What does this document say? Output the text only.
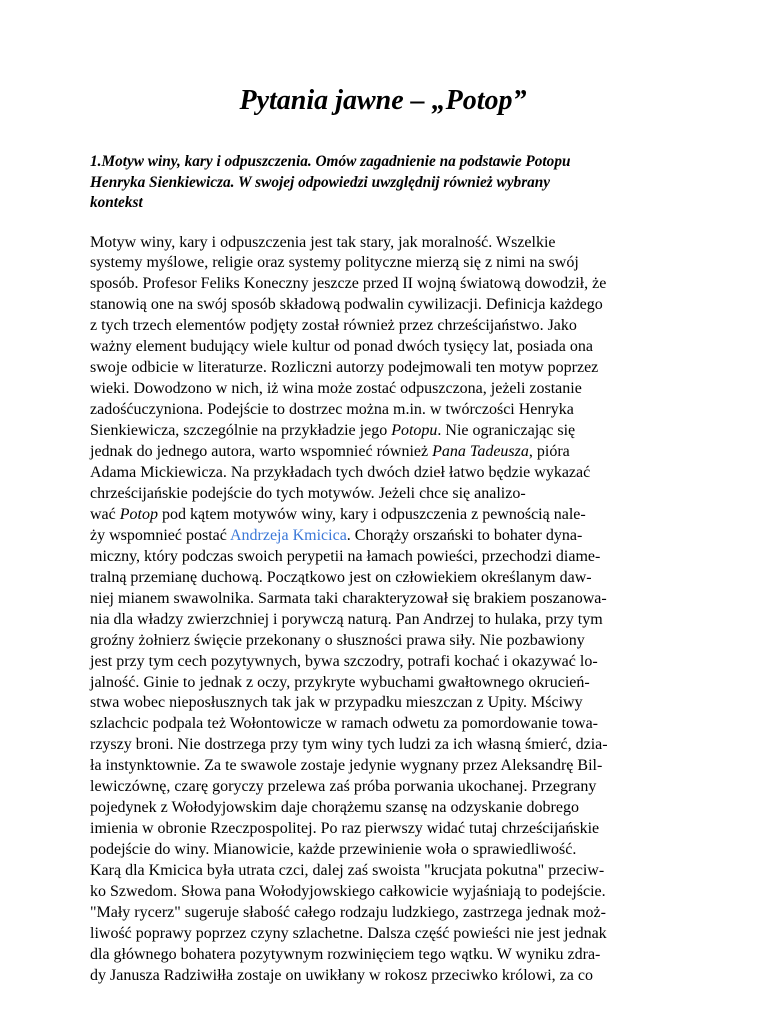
Pytania jawne – „Potop”
1.Motyw winy, kary i odpuszczenia. Omów zagadnienie na podstawie Potopu
Henryka Sienkiewicza. W swojej odpowiedzi uwzględnij również wybrany
kontekst
Motyw winy, kary i odpuszczenia jest tak stary, jak moralność. Wszelkie
systemy myślowe, religie oraz systemy polityczne mierzą się z nimi na swój
sposób. Profesor Feliks Koneczny jeszcze przed II wojną światową dowodził, że
stanowią one na swój sposób składową podwalin cywilizacji. Definicja każdego
z tych trzech elementów podjęty został również przez chrześcijaństwo. Jako
ważny element budujący wiele kultur od ponad dwóch tysięcy lat, posiada ona
swoje odbicie w literaturze. Rozliczni autorzy podejmowali ten motyw poprzez
wieki. Dowodzono w nich, iż wina może zostać odpuszczona, jeżeli zostanie
zadośćuczyniona. Podejście to dostrzec można m.in. w twórczości Henryka
Sienkiewicza, szczególnie na przykładzie jego Potopu. Nie ograniczając się
jednak do jednego autora, warto wspomnieć również Pana Tadeusza, pióra
Adama Mickiewicza. Na przykładach tych dwóch dzieł łatwo będzie wykazać
chrześcijańskie podejście do tych motywów. Jeżeli chce się analizo-
wać Potop pod kątem motywów winy, kary i odpuszczenia z pewnością nale-
ży wspomnieć postać Andrzeja Kmicica. Chorąży orszański to bohater dyna-
miczny, który podczas swoich perypetii na łamach powieści, przechodzi diame-
tralną przemianę duchową. Początkowo jest on człowiekiem określanym daw-
niej mianem swawolnika. Sarmata taki charakteryzował się brakiem poszanowa-
nia dla władzy zwierzchniej i porywczą naturą. Pan Andrzej to hulaka, przy tym
groźny żołnierz święcie przekonany o słuszności prawa siły. Nie pozbawiony
jest przy tym cech pozytywnych, bywa szczodry, potrafi kochać i okazywać lo-
jalność. Ginie to jednak z oczy, przykryte wybuchami gwałtownego okrucień-
stwa wobec nieposłusznych tak jak w przypadku mieszczan z Upity. Mściwy
szlachcic podpala też Wołontowicze w ramach odwetu za pomordowanie towa-
rzyszy broni. Nie dostrzega przy tym winy tych ludzi za ich własną śmierć, dzia-
ła instynktownie. Za te swawole zostaje jedynie wygnany przez Aleksandrę Bil-
lewiczównę, czarę goryczy przelewa zaś próba porwania ukochanej. Przegrany
pojedynek z Wołodyjowskim daje chorążemu szansę na odzyskanie dobrego
imienia w obronie Rzeczpospolitej. Po raz pierwszy widać tutaj chrześcijańskie
podejście do winy. Mianowicie, każde przewinienie woła o sprawiedliwość.
Karą dla Kmicica była utrata czci, dalej zaś swoista "krucjata pokutna" przeciw-
ko Szwedom. Słowa pana Wołodyjowskiego całkowicie wyjaśniają to podejście.
"Mały rycerz" sugeruje słabość całego rodzaju ludzkiego, zastrzega jednak moż-
liwość poprawy poprzez czyny szlachetne. Dalsza część powieści nie jest jednak
dla głównego bohatera pozytywnym rozwinięciem tego wątku. W wyniku zdra-
dy Janusza Radziwiłła zostaje on uwikłany w rokosz przeciwko królowi, za co
